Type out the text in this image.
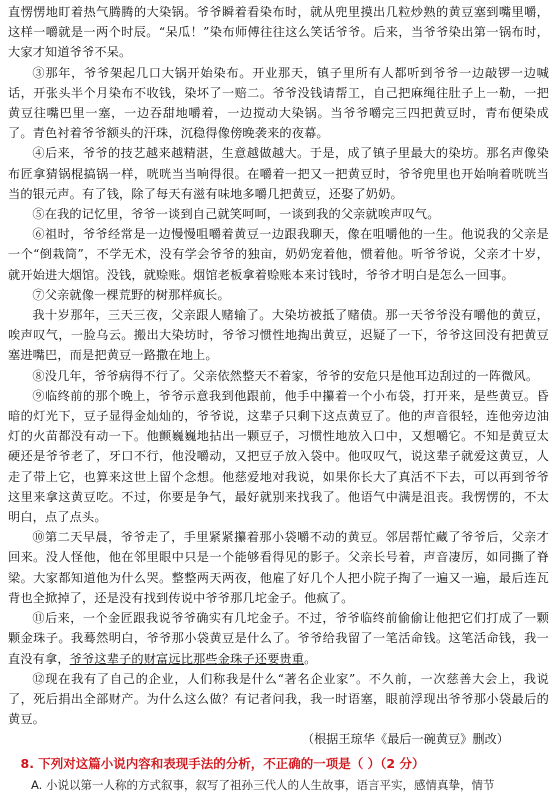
直愣愣地盯着热气腾腾的大染锅。爷爷瞬着看染布时，就从兜里摸出几粒炒熟的黄豆塞到嘴里嚼，这样一嚼就是一两个时辰。“呆瓜！”染布师傅往往这么笑话爷爷。后来，当爷爷染出第一锅布时，大家才知道爷爷不呆。

③那年，爷爷架起几口大锅开始染布。开业那天，镇子里所有人都听到爷爷一边敲锣一边喊话，开张头半个月染布不收钱，染坏了一赔二。爷爷没钱请帮工，自己把麻绳往肚子上一勒，一把黄豆往嘴巴里一塞，一边吞甜地嚼着，一边搅动大染锅。当爷爷嚼完三四把黄豆时，青布便染成了。青色衬着爷爷额头的汗珠，沉稳得像傍晚袭来的夜幕。

④后来，爷爷的技艺越来越精湛，生意越做越大。于是，成了镇子里最大的染坊。那名声像染布匠拿猜锅棍搞锅一样，咣咣当当响得很。在嚼着一把又一把黄豆时，爷爷兜里也开始响着咣咣当当的银元声。有了钱，除了每天有滋有味地多嚼几把黄豆，还娶了奶奶。

⑤在我的记忆里，爷爷一谈到自己就笑呵呵，一谈到我的父亲就唉声叹气。

⑥祖时，爷爷经常是一边慢慢咀嚼着黄豆一边跟我聊天，像在咀嚼他的一生。他说我的父亲是一个“倒栽筒”，不学无术，没有学会爷爷的独亩，奶奶宠着他，惯着他。听爷爷说，父亲才十岁，就开始进大烟馆。没钱，就赊账。烟馆老板拿着赊账本来讨钱时，爷爷才明白是怎么一回事。

⑦父亲就像一棵荒野的树那样疯长。

我十岁那年，三天三夜，父亲跟人赌输了。大染坊被抵了赌债。那一天爷爷没有嚼他的黄豆，唉声叹气，一脸乌云。搬出大染坊时，爷爷习惯性地掏出黄豆，迟疑了一下，爷爷这回没有把黄豆塞进嘴巴，而是把黄豆一路撒在地上。

⑧没几年，爷爷病得不行了。父亲依然整天不着家，爷爷的安危只是他耳边刮过的一阵微风。

⑨临终前的那个晚上，爷爷示意我到他跟前，他手中攥着一个小布袋，打开来，是些黄豆。昏暗的灯光下，豆子显得金灿灿的，爷爷说，这辈子只剩下这点黄豆了。他的声音很轻，连他旁边油灯的火苗都没有动一下。他颤巍巍地拈出一颗豆子，习惯性地放入口中，又想嚼它。不知是黄豆太硬还是爷爷老了，牙口不行，他没嚼动，又把豆子放入袋中。他叹叹气，说这辈子就爱这黄豆，人走了带上它，也算来这世上留个念想。他慈爱地对我说，如果你长大了真活不下去，可以再到爷爷这里来拿这黄豆吃。不过，你要是争气，最好就别来找我了。他语气中满是沮丧。我愣愣的，不太明白，点了点头。

⑩第二天早晨，爷爷走了，手里紧紧攥着那小袋嚼不动的黄豆。邻居帮忙藏了爷爷后，父亲才回来。没人怪他，他在邻里眼中只是一个能够看得见的影子。父亲长号着，声音凄厉，如同撕了脊梁。大家都知道他为什么哭。整整两天两夜，他雇了好几个人把小院子掏了一遍又一遍，最后连瓦背也全掀掉了，还是没有找到传说中爷爷那几坨金子。他疯了。

⑪后来，一个金匠跟我说爷爷确实有几坨金子。不过，爷爷临终前偷偷让他把它们打成了一颗颗金珠子。我蓦然明白，爷爷那小袋黄豆是什么了。爷爷给我留了一笔活命钱。这笔活命钱，我一直没有拿，爷爷这辈子的财富远比那些金珠子还要贵重。

⑫现在我有了自己的企业，人们称我是什么“著名企业家”。不久前，一次慈善大会上，我说了，死后捐出全部财产。为什么这么做？有记者问我，我一时语塞，眼前浮现出爷爷那小袋最后的黄豆。

（根据王琼华《最后一碗黄豆》删改）

8. 下列对这篇小说内容和表现手法的分析，不正确的一项是（ ）（2 分）

A. 小说以第一人称的方式叙事，叙写了祖孙三代人的人生故事，语言平实，感情真挚，情节
